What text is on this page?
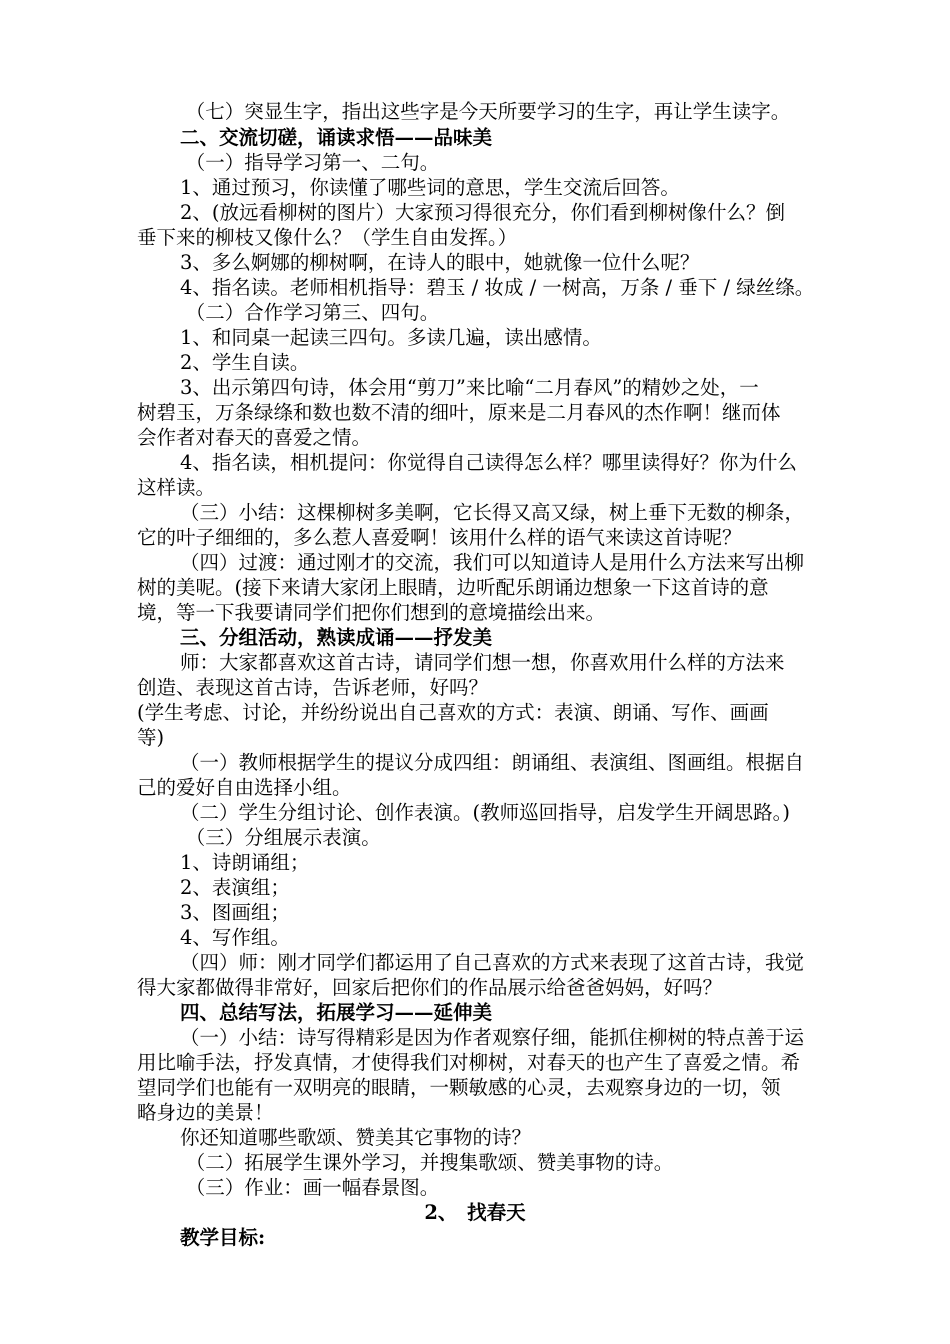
　（七）突显生字，指出这些字是今天所要学习的生字，再让学生读字。
二、交流切磋，诵读求悟——品味美
　（一）指导学习第一、二句。
1、通过预习，你读懂了哪些词的意思，学生交流后回答。
2、(放远看柳树的图片）大家预习得很充分，你们看到柳树像什么？倒
垂下来的柳枝又像什么？（学生自由发挥。）
3、多么婀娜的柳树啊，在诗人的眼中，她就像一位什么呢？
4、指名读。老师相机指导：碧玉 / 妆成 / 一树高，万条 / 垂下 / 绿丝绦。
　（二）合作学习第三、四句。
1、和同桌一起读三四句。多读几遍，读出感情。
2、学生自读。
3、出示第四句诗，体会用“剪刀”来比喻“二月春风”的精妙之处，一
树碧玉，万条绿绦和数也数不清的细叶，原来是二月春风的杰作啊！继而体
会作者对春天的喜爱之情。
4、指名读，相机提问：你觉得自己读得怎么样？哪里读得好？你为什么
这样读。
（三）小结：这棵柳树多美啊，它长得又高又绿，树上垂下无数的柳条，
它的叶子细细的，多么惹人喜爱啊！该用什么样的语气来读这首诗呢？
（四）过渡：通过刚才的交流，我们可以知道诗人是用什么方法来写出柳
树的美呢。(接下来请大家闭上眼睛，边听配乐朗诵边想象一下这首诗的意
境，等一下我要请同学们把你们想到的意境描绘出来。
三、分组活动，熟读成诵——抒发美
师：大家都喜欢这首古诗，请同学们想一想，你喜欢用什么样的方法来
创造、表现这首古诗，告诉老师，好吗？
(学生考虑、讨论，并纷纷说出自己喜欢的方式：表演、朗诵、写作、画画
等)
（一）教师根据学生的提议分成四组：朗诵组、表演组、图画组。根据自
己的爱好自由选择小组。
（二）学生分组讨论、创作表演。(教师巡回指导，启发学生开阔思路。)
　（三）分组展示表演。
1、诗朗诵组；
2、表演组；
3、图画组；
4、写作组。
（四）师：刚才同学们都运用了自己喜欢的方式来表现了这首古诗，我觉
得大家都做得非常好，回家后把你们的作品展示给爸爸妈妈，好吗？
四、总结写法，拓展学习——延伸美
（一）小结：诗写得精彩是因为作者观察仔细，能抓住柳树的特点善于运
用比喻手法，抒发真情，才使得我们对柳树，对春天的也产生了喜爱之情。希
望同学们也能有一双明亮的眼睛，一颗敏感的心灵，去观察身边的一切，领
略身边的美景！
你还知道哪些歌颂、赞美其它事物的诗？
　（二）拓展学生课外学习，并搜集歌颂、赞美事物的诗。
　（三）作业：画一幅春景图。
2、　找春天
教学目标:
